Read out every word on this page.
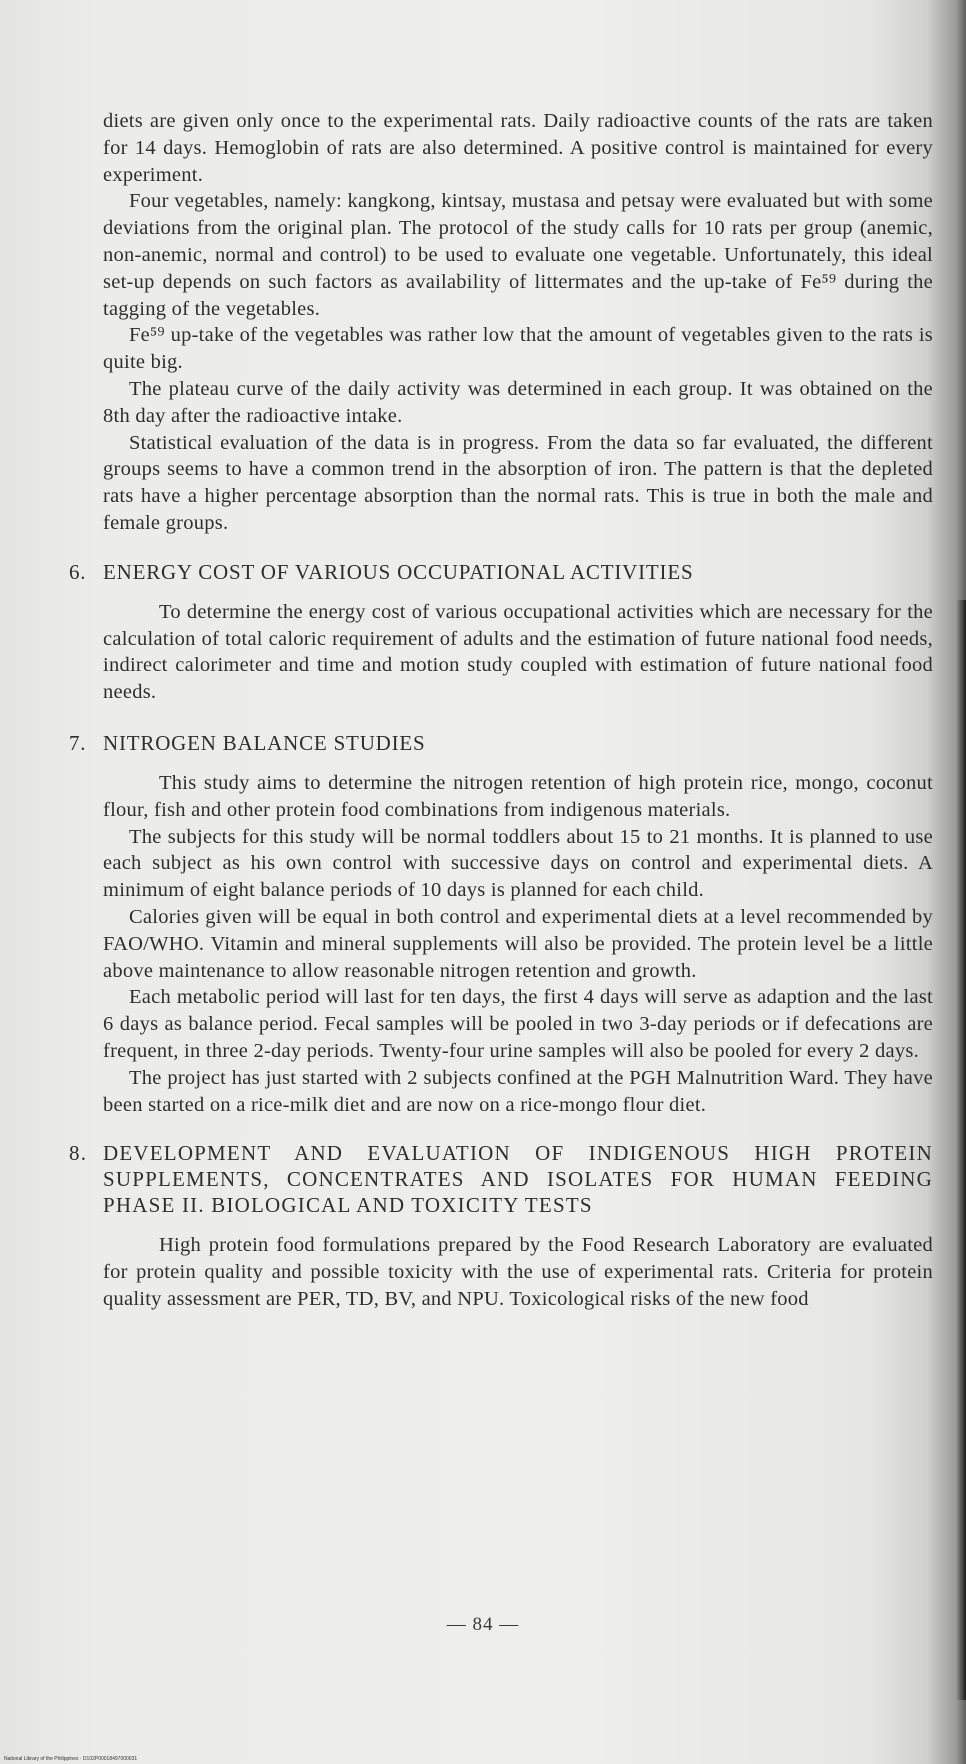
diets are given only once to the experimental rats. Daily radioactive counts of the rats are taken for 14 days. Hemoglobin of rats are also determined. A positive control is maintained for every experiment.

Four vegetables, namely: kangkong, kintsay, mustasa and petsay were evaluated but with some deviations from the original plan. The protocol of the study calls for 10 rats per group (anemic, non-anemic, normal and control) to be used to evaluate one vegetable. Unfortunately, this ideal set-up depends on such factors as availability of littermates and the up-take of Fe⁵⁹ during the tagging of the vegetables.

Fe⁵⁹ up-take of the vegetables was rather low that the amount of vegetables given to the rats is quite big.

The plateau curve of the daily activity was determined in each group. It was obtained on the 8th day after the radioactive intake.

Statistical evaluation of the data is in progress. From the data so far evaluated, the different groups seems to have a common trend in the absorption of iron. The pattern is that the depleted rats have a higher percentage absorption than the normal rats. This is true in both the male and female groups.

6. ENERGY COST OF VARIOUS OCCUPATIONAL ACTIVITIES

To determine the energy cost of various occupational activities which are necessary for the calculation of total caloric requirement of adults and the estimation of future national food needs, indirect calorimeter and time and motion study coupled with estimation of future national food needs.

7. NITROGEN BALANCE STUDIES

This study aims to determine the nitrogen retention of high protein rice, mongo, coconut flour, fish and other protein food combinations from indigenous materials.

The subjects for this study will be normal toddlers about 15 to 21 months. It is planned to use each subject as his own control with successive days on control and experimental diets. A minimum of eight balance periods of 10 days is planned for each child.

Calories given will be equal in both control and experimental diets at a level recommended by FAO/WHO. Vitamin and mineral supplements will also be provided. The protein level be a little above maintenance to allow reasonable nitrogen retention and growth.

Each metabolic period will last for ten days, the first 4 days will serve as adaption and the last 6 days as balance period. Fecal samples will be pooled in two 3-day periods or if defecations are frequent, in three 2-day periods. Twenty-four urine samples will also be pooled for every 2 days.

The project has just started with 2 subjects confined at the PGH Malnutrition Ward. They have been started on a rice-milk diet and are now on a rice-mongo flour diet.

8. DEVELOPMENT AND EVALUATION OF INDIGENOUS HIGH PROTEIN SUPPLEMENTS, CONCENTRATES AND ISOLATES FOR HUMAN FEEDING PHASE II. BIOLOGICAL AND TOXICITY TESTS

High protein food formulations prepared by the Food Research Laboratory are evaluated for protein quality and possible toxicity with the use of experimental rats. Criteria for protein quality assessment are PER, TD, BV, and NPU. Toxicological risks of the new food

— 84 —
National Library of the Philippines · D102P00018497000031
